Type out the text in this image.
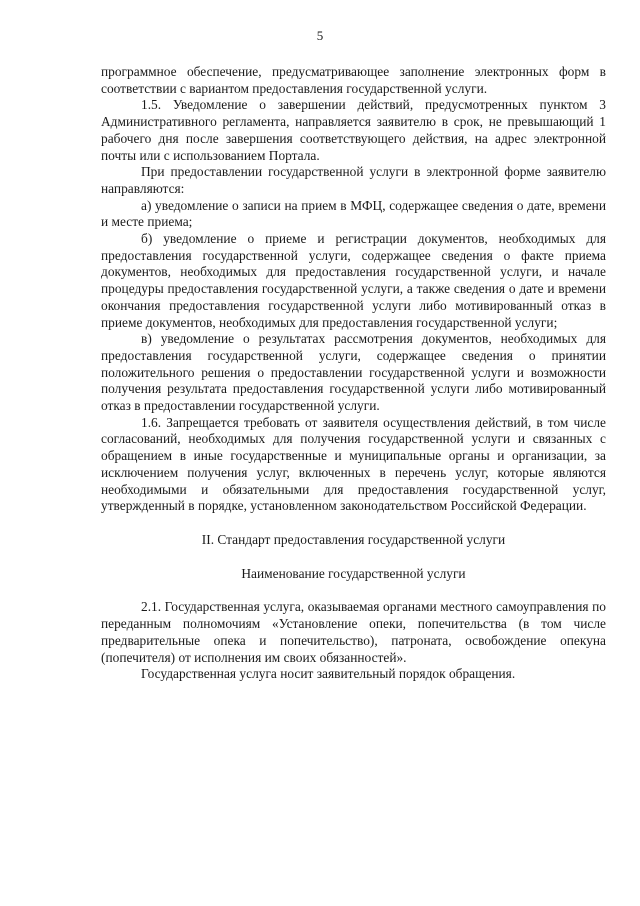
5

программное обеспечение, предусматривающее заполнение электронных форм в соответствии с вариантом предоставления государственной услуги.

1.5. Уведомление о завершении действий, предусмотренных пунктом 3 Административного регламента, направляется заявителю в срок, не превышающий 1 рабочего дня после завершения соответствующего действия, на адрес электронной почты или с использованием Портала.

При предоставлении государственной услуги в электронной форме заявителю направляются:

а) уведомление о записи на прием в МФЦ, содержащее сведения о дате, времени и месте приема;

б) уведомление о приеме и регистрации документов, необходимых для предоставления государственной услуги, содержащее сведения о факте приема документов, необходимых для предоставления государственной услуги, и начале процедуры предоставления государственной услуги, а также сведения о дате и времени окончания предоставления государственной услуги либо мотивированный отказ в приеме документов, необходимых для предоставления государственной услуги;

в) уведомление о результатах рассмотрения документов, необходимых для предоставления государственной услуги, содержащее сведения о принятии положительного решения о предоставлении государственной услуги и возможности получения результата предоставления государственной услуги либо мотивированный отказ в предоставлении государственной услуги.

1.6. Запрещается требовать от заявителя осуществления действий, в том числе согласований, необходимых для получения государственной услуги и связанных с обращением в иные государственные и муниципальные органы и организации, за исключением получения услуг, включенных в перечень услуг, которые являются необходимыми и обязательными для предоставления государственной услуг, утвержденный в порядке, установленном законодательством Российской Федерации.

II. Стандарт предоставления государственной услуги
Наименование государственной услуги

2.1. Государственная услуга, оказываемая органами местного самоуправления по переданным полномочиям «Установление опеки, попечительства (в том числе предварительные опека и попечительство), патроната, освобождение опекуна (попечителя) от исполнения им своих обязанностей».

Государственная услуга носит заявительный порядок обращения.
